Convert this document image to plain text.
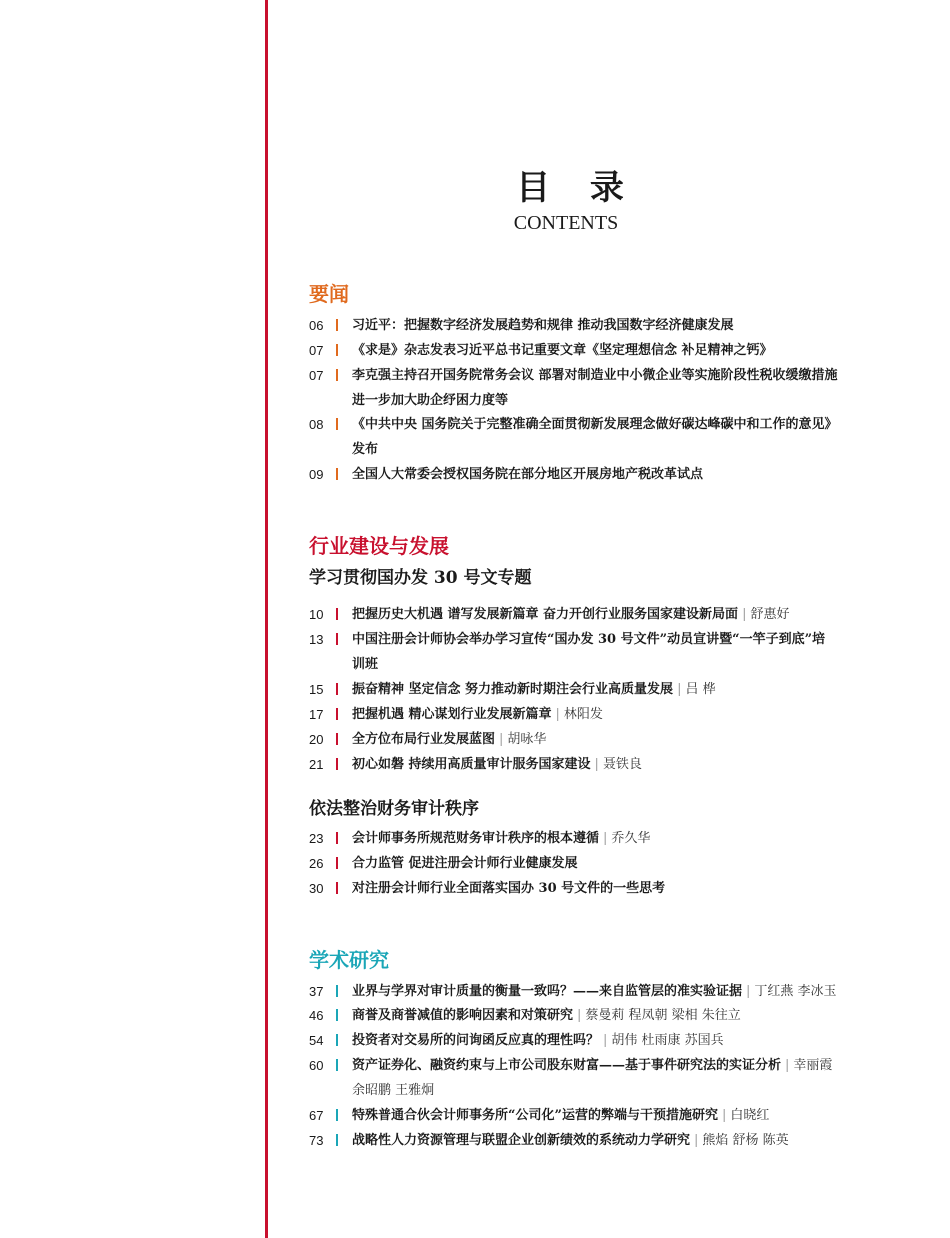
目 录
CONTENTS
要闻
06	习近平：把握数字经济发展趋势和规律 推动我国数字经济健康发展
07	《求是》杂志发表习近平总书记重要文章《坚定理想信念 补足精神之钙》
07	李克强主持召开国务院常务会议 部署对制造业中小微企业等实施阶段性税收缓缴措施
进一步加大助企纾困力度等
08	《中共中央 国务院关于完整准确全面贯彻新发展理念做好碳达峰碳中和工作的意见》
发布
09	全国人大常委会授权国务院在部分地区开展房地产税改革试点
行业建设与发展
学习贯彻国办发 30 号文专题
10	把握历史大机遇 谱写发展新篇章 奋力开创行业服务国家建设新局面 | 舒惠好
13	中国注册会计师协会举办学习宣传“国办发 30 号文件”动员宣讲暨“一竿子到底”培
训班
15	振奋精神 坚定信念 努力推动新时期注会行业高质量发展 | 吕 桦
17	把握机遇 精心谋划行业发展新篇章 | 林阳发
20	全方位布局行业发展蓝图 | 胡咏华
21	初心如磐 持续用高质量审计服务国家建设 | 聂铁良
依法整治财务审计秩序
23	会计师事务所规范财务审计秩序的根本遵循 | 乔久华
26	合力监管 促进注册会计师行业健康发展
30	对注册会计师行业全面落实国办 30 号文件的一些思考
学术研究
37	业界与学界对审计质量的衡量一致吗？——来自监管层的准实验证据 | 丁红燕 李冰玉
46	商誉及商誉减值的影响因素和对策研究 | 蔡曼莉 程凤朝 梁相 朱往立
54	投资者对交易所的问询函反应真的理性吗？ | 胡伟 杜雨康 苏国兵
60	资产证券化、融资约束与上市公司股东财富——基于事件研究法的实证分析 | 幸丽霞
余昭鹏 王雅炯
67	特殊普通合伙会计师事务所“公司化”运营的弊端与干预措施研究 | 白晓红
73	战略性人力资源管理与联盟企业创新绩效的系统动力学研究 | 熊焰 舒杨 陈英
